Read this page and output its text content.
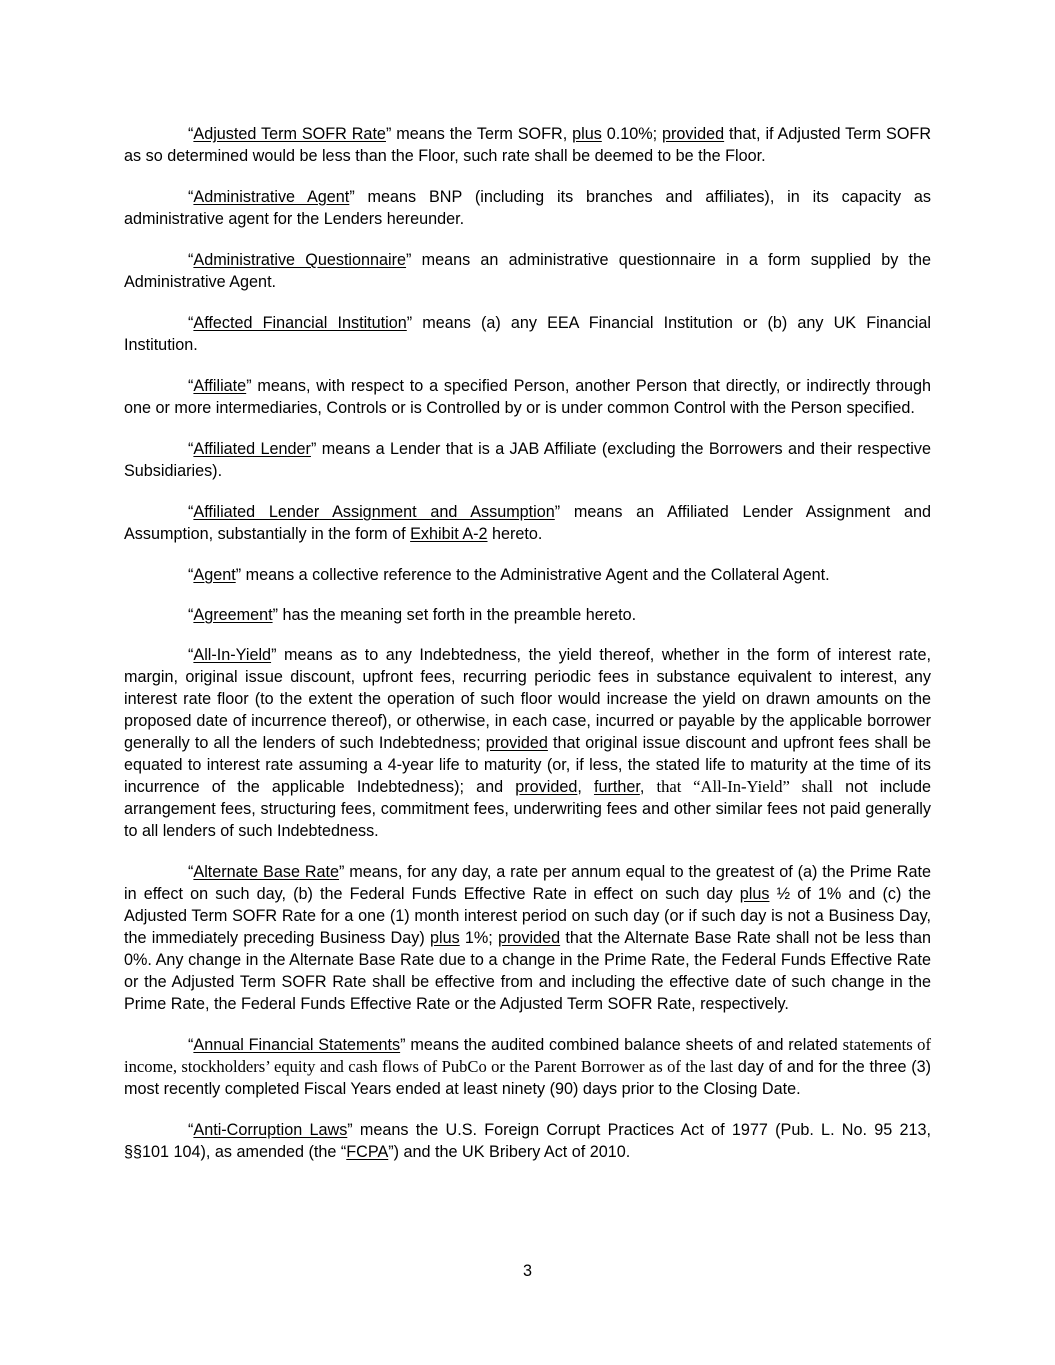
“Adjusted Term SOFR Rate” means the Term SOFR, plus 0.10%; provided that, if Adjusted Term SOFR as so determined would be less than the Floor, such rate shall be deemed to be the Floor.

“Administrative Agent” means BNP (including its branches and affiliates), in its capacity as administrative agent for the Lenders hereunder.

“Administrative Questionnaire” means an administrative questionnaire in a form supplied by the Administrative Agent.

“Affected Financial Institution” means (a) any EEA Financial Institution or (b) any UK Financial Institution.

“Affiliate” means, with respect to a specified Person, another Person that directly, or indirectly through one or more intermediaries, Controls or is Controlled by or is under common Control with the Person specified.

“Affiliated Lender” means a Lender that is a JAB Affiliate (excluding the Borrowers and their respective Subsidiaries).

“Affiliated Lender Assignment and Assumption” means an Affiliated Lender Assignment and Assumption, substantially in the form of Exhibit A-2 hereto.

“Agent” means a collective reference to the Administrative Agent and the Collateral Agent.

“Agreement” has the meaning set forth in the preamble hereto.

“All-In-Yield” means as to any Indebtedness, the yield thereof, whether in the form of interest rate, margin, original issue discount, upfront fees, recurring periodic fees in substance equivalent to interest, any interest rate floor (to the extent the operation of such floor would increase the yield on drawn amounts on the proposed date of incurrence thereof), or otherwise, in each case, incurred or payable by the applicable borrower generally to all the lenders of such Indebtedness; provided that original issue discount and upfront fees shall be equated to interest rate assuming a 4-year life to maturity (or, if less, the stated life to maturity at the time of its incurrence of the applicable Indebtedness); and provided, further, that “All-In-Yield” shall not include arrangement fees, structuring fees, commitment fees, underwriting fees and other similar fees not paid generally to all lenders of such Indebtedness.

“Alternate Base Rate” means, for any day, a rate per annum equal to the greatest of (a) the Prime Rate in effect on such day, (b) the Federal Funds Effective Rate in effect on such day plus ½ of 1% and (c) the Adjusted Term SOFR Rate for a one (1) month interest period on such day (or if such day is not a Business Day, the immediately preceding Business Day) plus 1%; provided that the Alternate Base Rate shall not be less than 0%. Any change in the Alternate Base Rate due to a change in the Prime Rate, the Federal Funds Effective Rate or the Adjusted Term SOFR Rate shall be effective from and including the effective date of such change in the Prime Rate, the Federal Funds Effective Rate or the Adjusted Term SOFR Rate, respectively.

“Annual Financial Statements” means the audited combined balance sheets of and related statements of income, stockholders’ equity and cash flows of PubCo or the Parent Borrower as of the last day of and for the three (3) most recently completed Fiscal Years ended at least ninety (90) days prior to the Closing Date.

“Anti-Corruption Laws” means the U.S. Foreign Corrupt Practices Act of 1977 (Pub. L. No. 95 213, §§101 104), as amended (the “FCPA”) and the UK Bribery Act of 2010.

3
